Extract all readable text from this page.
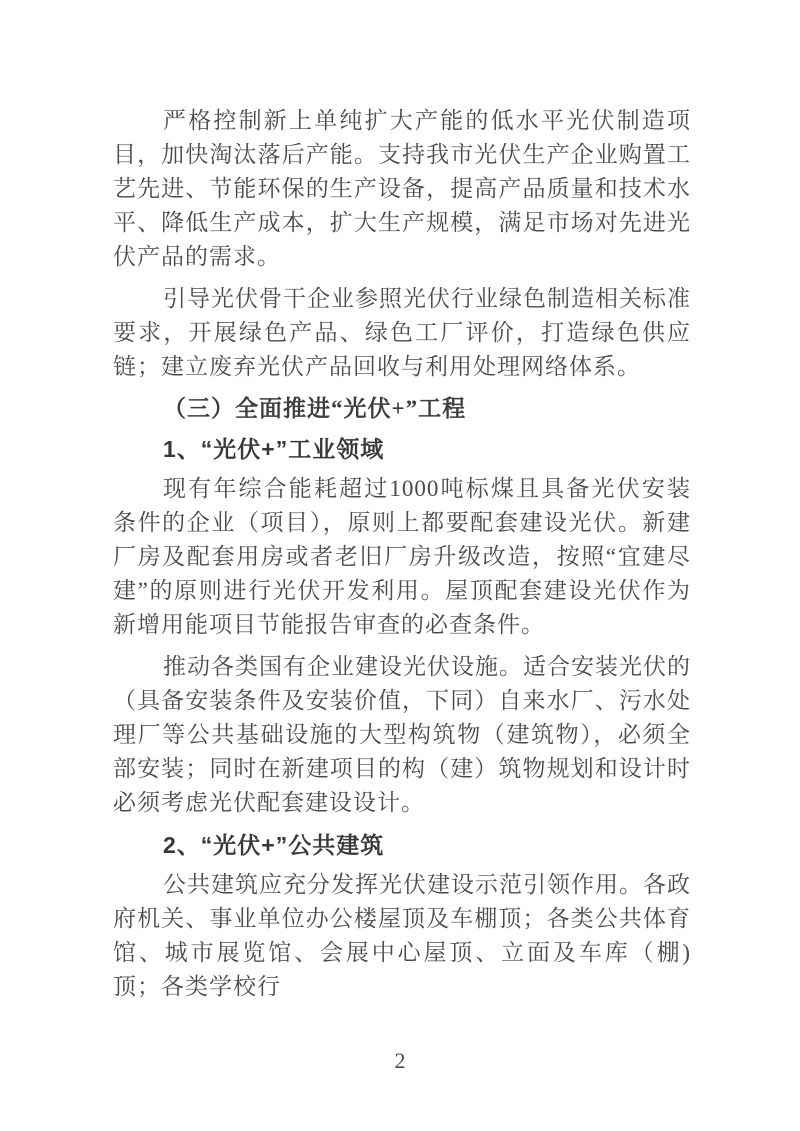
严格控制新上单纯扩大产能的低水平光伏制造项目，加快淘汰落后产能。支持我市光伏生产企业购置工艺先进、节能环保的生产设备，提高产品质量和技术水平、降低生产成本，扩大生产规模，满足市场对先进光伏产品的需求。

引导光伏骨干企业参照光伏行业绿色制造相关标准要求，开展绿色产品、绿色工厂评价，打造绿色供应链；建立废弃光伏产品回收与利用处理网络体系。

（三）全面推进“光伏+”工程

1、“光伏+”工业领域

现有年综合能耗超过1000吨标煤且具备光伏安装条件的企业（项目），原则上都要配套建设光伏。新建厂房及配套用房或者老旧厂房升级改造，按照“宜建尽建”的原则进行光伏开发利用。屋顶配套建设光伏作为新增用能项目节能报告审查的必查条件。

推动各类国有企业建设光伏设施。适合安装光伏的（具备安装条件及安装价值，下同）自来水厂、污水处理厂等公共基础设施的大型构筑物（建筑物），必须全部安装；同时在新建项目的构（建）筑物规划和设计时必须考虑光伏配套建设设计。

2、“光伏+”公共建筑

公共建筑应充分发挥光伏建设示范引领作用。各政府机关、事业单位办公楼屋顶及车棚顶；各类公共体育馆、城市展览馆、会展中心屋顶、立面及车库（棚)顶；各类学校行

2
